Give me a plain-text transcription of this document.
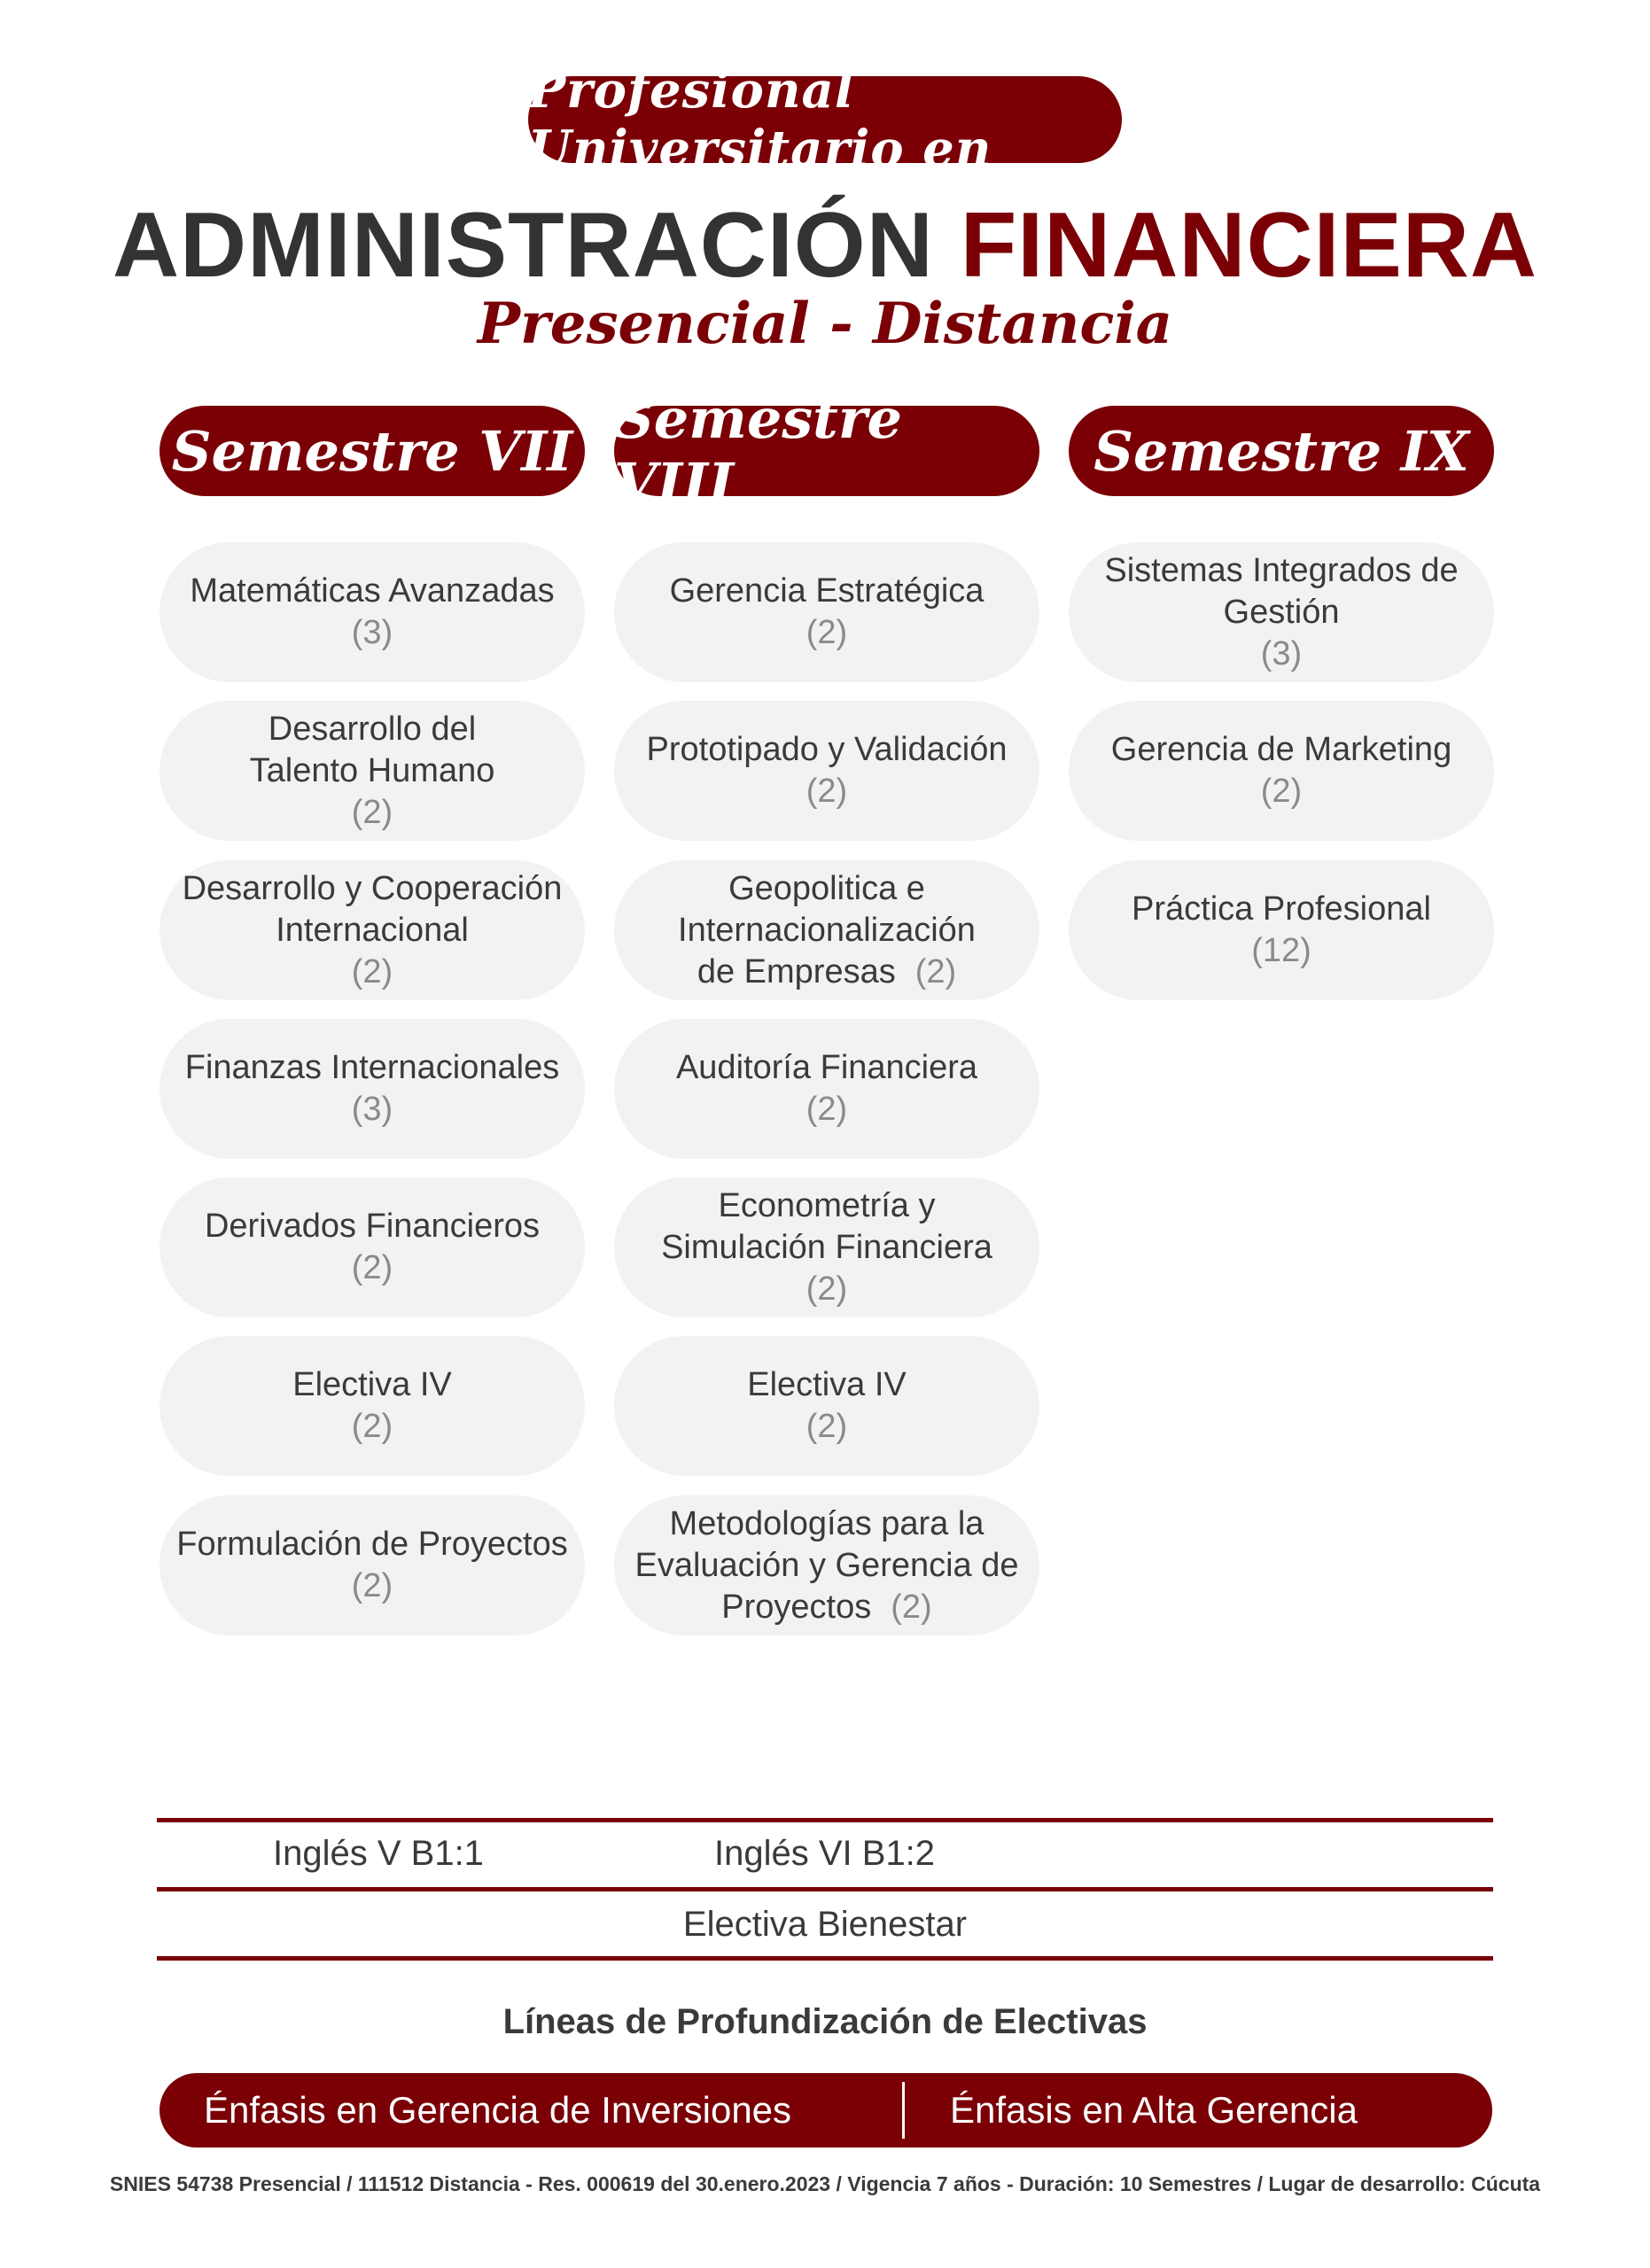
Profesional Universitario en
ADMINISTRACIÓN FINANCIERA
Presencial - Distancia
Semestre VII
Matemáticas Avanzadas
(3)
Desarrollo del Talento Humano
(2)
Desarrollo y Cooperación Internacional
(2)
Finanzas Internacionales
(3)
Derivados Financieros
(2)
Electiva IV
(2)
Formulación de Proyectos
(2)
Semestre VIII
Gerencia Estratégica
(2)
Prototipado y Validación
(2)
Geopolitica e
Internacionalización
de Empresas (2)
Auditoría Financiera
(2)
Econometría y Simulación Financiera
(2)
Electiva IV
(2)
Metodologías para la
Evaluación y Gerencia de
Proyectos (2)
Semestre IX
Sistemas Integrados de Gestión
(3)
Gerencia de Marketing
(2)
Práctica Profesional
(12)
Inglés V B1:1	Inglés VI B1:2
Electiva Bienestar
Líneas de Profundización de Electivas
Énfasis en Gerencia de Inversiones	Énfasis en Alta Gerencia
SNIES 54738 Presencial / 111512 Distancia - Res. 000619 del 30.enero.2023 / Vigencia 7 años - Duración: 10 Semestres / Lugar de desarrollo: Cúcuta
